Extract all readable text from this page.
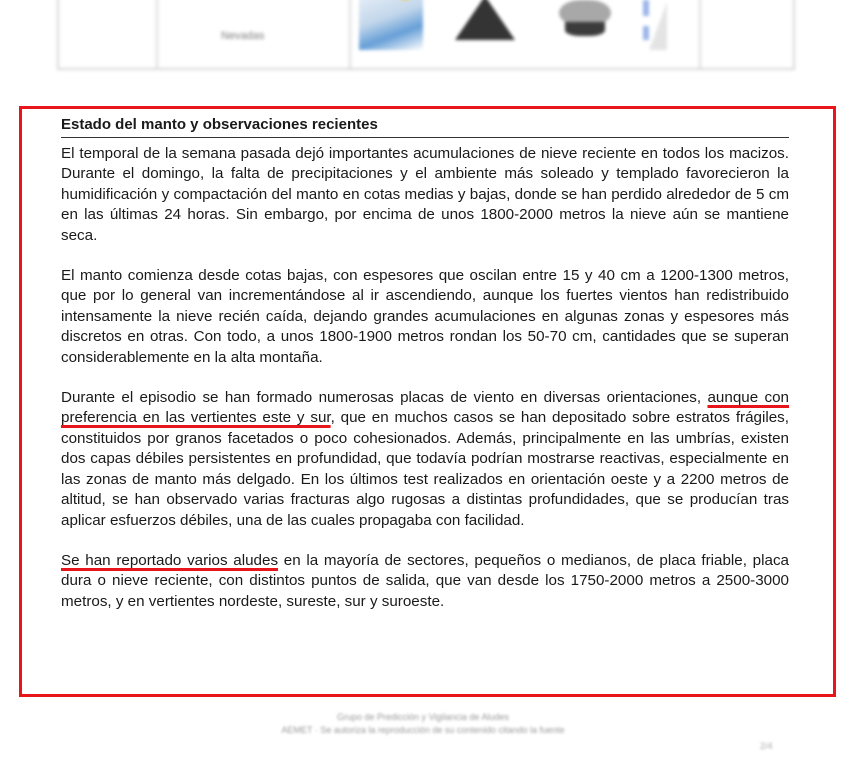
Nevadas
Estado del manto y observaciones recientes

El temporal de la semana pasada dejó importantes acumulaciones de nieve reciente en todos los macizos. Durante el domingo, la falta de precipitaciones y el ambiente más soleado y templado favorecieron la humidificación y compactación del manto en cotas medias y bajas, donde se han perdido alrededor de 5 cm en las últimas 24 horas. Sin embargo, por encima de unos 1800-2000 metros la nieve aún se mantiene seca.

El manto comienza desde cotas bajas, con espesores que oscilan entre 15 y 40 cm a 1200-1300 metros, que por lo general van incrementándose al ir ascendiendo, aunque los fuertes vientos han redistribuido intensamente la nieve recién caída, dejando grandes acumulaciones en algunas zonas y espesores más discretos en otras. Con todo, a unos 1800-1900 metros rondan los 50-70 cm, cantidades que se superan considerablemente en la alta montaña.

Durante el episodio se han formado numerosas placas de viento en diversas orientaciones, aunque con preferencia en las vertientes este y sur, que en muchos casos se han depositado sobre estratos frágiles, constituidos por granos facetados o poco cohesionados. Además, principalmente en las umbrías, existen dos capas débiles persistentes en profundidad, que todavía podrían mostrarse reactivas, especialmente en las zonas de manto más delgado. En los últimos test realizados en orientación oeste y a 2200 metros de altitud, se han observado varias fracturas algo rugosas a distintas profundidades, que se producían tras aplicar esfuerzos débiles, una de las cuales propagaba con facilidad.

Se han reportado varios aludes en la mayoría de sectores, pequeños o medianos, de placa friable, placa dura o nieve reciente, con distintos puntos de salida, que van desde los 1750-2000 metros a 2500-3000 metros, y en vertientes nordeste, sureste, sur y suroeste.

Grupo de Predicción y Vigilancia de Aludes
AEMET · Se autoriza la reproducción de su contenido citando la fuente
2/4
